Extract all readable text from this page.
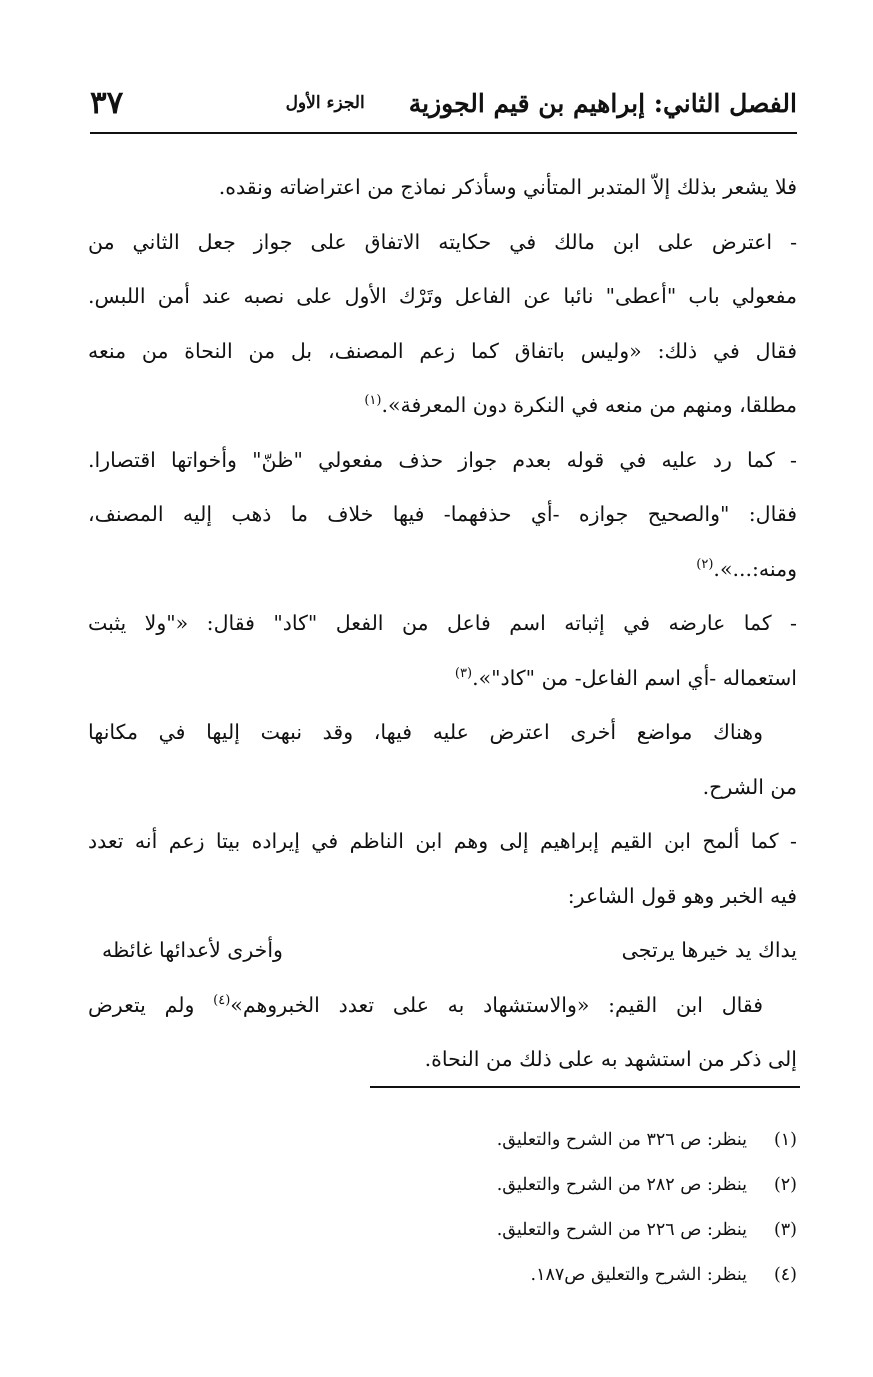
الفصل الثاني: إبراهيم بن قيم الجوزية
الجزء الأول
٣٧

فلا يشعر بذلك إلاّ المتدبر المتأني وسأذكر نماذج من اعتراضاته ونقده.

- اعترض على ابن مالك في حكايته الاتفاق على جواز جعل الثاني من

مفعولي باب "أعطى" نائبا عن الفاعل وتَرْك الأول على نصبه عند أمن اللبس.

فقال في ذلك: «وليس باتفاق كما زعم المصنف، بل من النحاة من منعه

مطلقا، ومنهم من منعه في النكرة دون المعرفة».$^{(١)}$

- كما رد عليه في قوله بعدم جواز حذف مفعولي "ظنّ" وأخواتها اقتصارا.

فقال: "والصحيح جوازه -أي حذفهما- فيها خلاف ما ذهب إليه المصنف،

ومنه:...».$^{(٢)}$

- كما عارضه في إثباته اسم فاعل من الفعل "كاد" فقال: «"ولا يثبت

استعماله -أي اسم الفاعل- من "كاد"».$^{(٣)}$

وهناك مواضع أخرى اعترض عليه فيها، وقد نبهت إليها في مكانها

من الشرح.

- كما ألمح ابن القيم إبراهيم إلى وهم ابن الناظم في إيراده بيتا زعم أنه تعدد

فيه الخبر وهو قول الشاعر:

يداك يد خيرها يرتجى
وأخرى لأعدائها غائظه

فقال ابن القيم: «والاستشهاد به على تعدد الخبروهم»$^{(٤)}$ ولم يتعرض

إلى ذكر من استشهد به على ذلك من النحاة.

(١)
ينظر: ص ٣٢٦ من الشرح والتعليق.
(٢)
ينظر: ص ٢٨٢ من الشرح والتعليق.
(٣)
ينظر: ص ٢٢٦ من الشرح والتعليق.
(٤)
ينظر: الشرح والتعليق ص١٨٧.
